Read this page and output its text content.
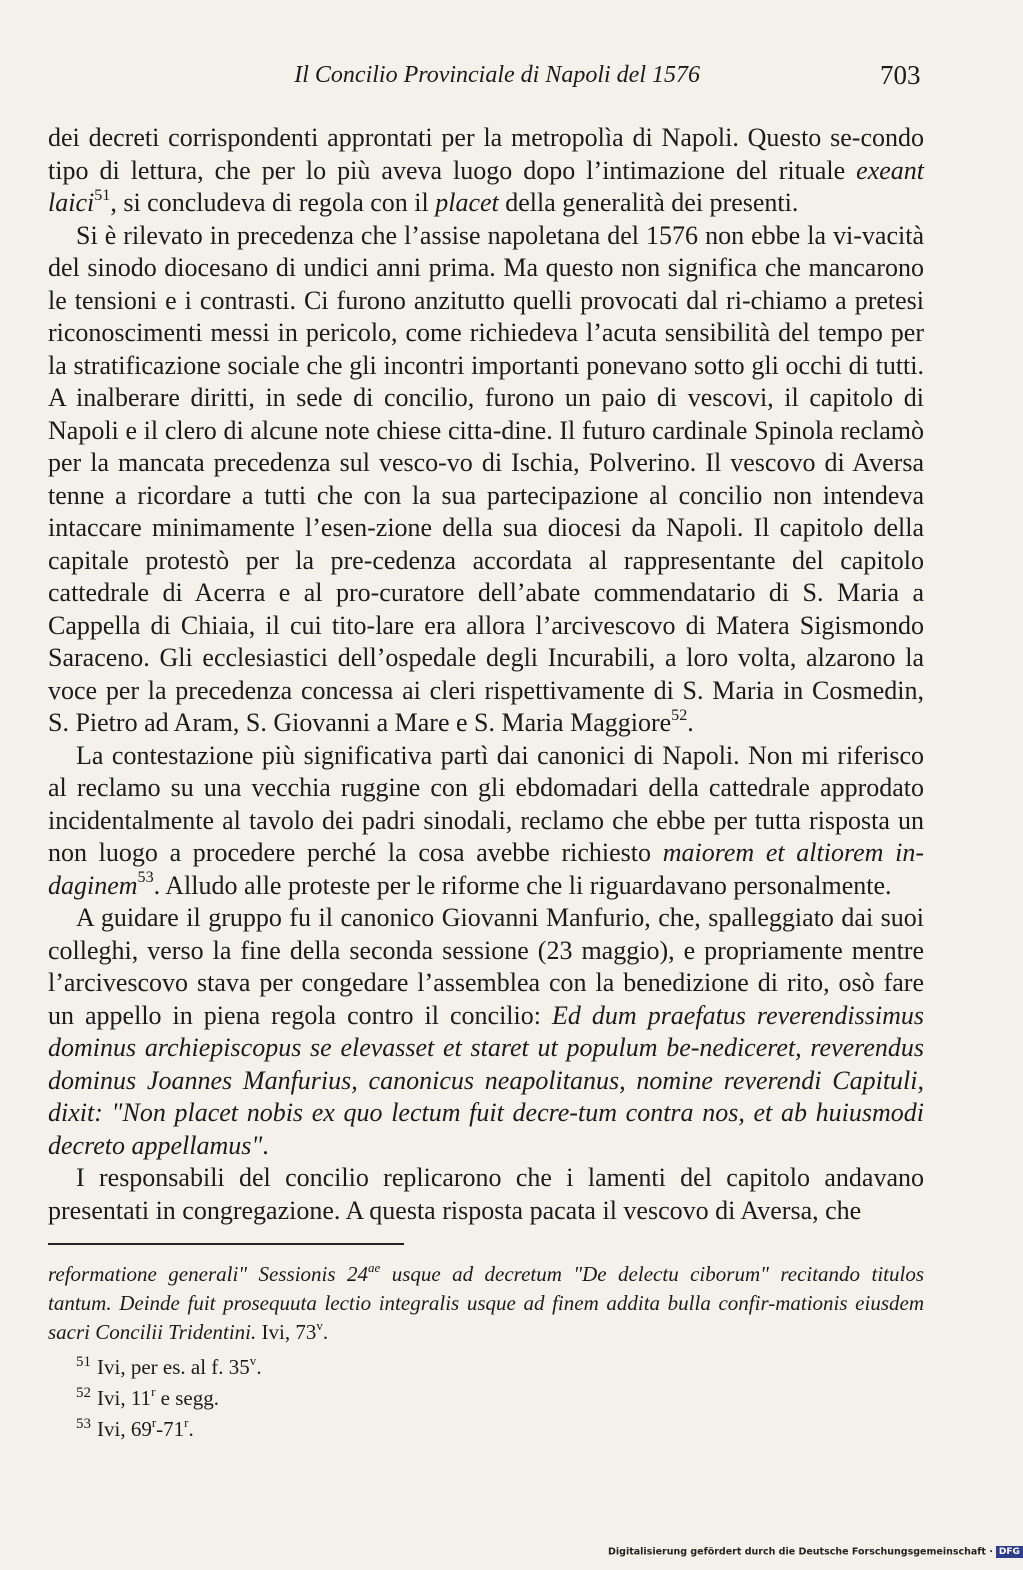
Il Concilio Provinciale di Napoli del 1576	703

dei decreti corrispondenti approntati per la metropolìa di Napoli. Questo se-condo tipo di lettura, che per lo più aveva luogo dopo l’intimazione del rituale exeant laici$^{51}$, si concludeva di regola con il placet della generalità dei presenti.

Si è rilevato in precedenza che l’assise napoletana del 1576 non ebbe la vi-vacità del sinodo diocesano di undici anni prima. Ma questo non significa che mancarono le tensioni e i contrasti. Ci furono anzitutto quelli provocati dal ri-chiamo a pretesi riconoscimenti messi in pericolo, come richiedeva l’acuta sensibilità del tempo per la stratificazione sociale che gli incontri importanti ponevano sotto gli occhi di tutti. A inalberare diritti, in sede di concilio, furono un paio di vescovi, il capitolo di Napoli e il clero di alcune note chiese citta-dine. Il futuro cardinale Spinola reclamò per la mancata precedenza sul vesco-vo di Ischia, Polverino. Il vescovo di Aversa tenne a ricordare a tutti che con la sua partecipazione al concilio non intendeva intaccare minimamente l’esen-zione della sua diocesi da Napoli. Il capitolo della capitale protestò per la pre-cedenza accordata al rappresentante del capitolo cattedrale di Acerra e al pro-curatore dell’abate commendatario di S. Maria a Cappella di Chiaia, il cui tito-lare era allora l’arcivescovo di Matera Sigismondo Saraceno. Gli ecclesiastici dell’ospedale degli Incurabili, a loro volta, alzarono la voce per la precedenza concessa ai cleri rispettivamente di S. Maria in Cosmedin, S. Pietro ad Aram, S. Giovanni a Mare e S. Maria Maggiore$^{52}$.

La contestazione più significativa partì dai canonici di Napoli. Non mi riferisco al reclamo su una vecchia ruggine con gli ebdomadari della cattedrale approdato incidentalmente al tavolo dei padri sinodali, reclamo che ebbe per tutta risposta un non luogo a procedere perché la cosa avebbe richiesto maiorem et altiorem in-daginem$^{53}$. Alludo alle proteste per le riforme che li riguardavano personalmente.

A guidare il gruppo fu il canonico Giovanni Manfurio, che, spalleggiato dai suoi colleghi, verso la fine della seconda sessione (23 maggio), e propriamente mentre l’arcivescovo stava per congedare l’assemblea con la benedizione di rito, osò fare un appello in piena regola contro il concilio: Ed dum praefatus reverendissimus dominus archiepiscopus se elevasset et staret ut populum be-nediceret, reverendus dominus Joannes Manfurius, canonicus neapolitanus, nomine reverendi Capituli, dixit: "Non placet nobis ex quo lectum fuit decre-tum contra nos, et ab huiusmodi decreto appellamus".

I responsabili del concilio replicarono che i lamenti del capitolo andavano presentati in congregazione. A questa risposta pacata il vescovo di Aversa, che

reformatione generali" Sessionis $24^{ae}$ usque ad decretum "De delectu ciborum" recitando titulos tantum. Deinde fuit prosequuta lectio integralis usque ad finem addita bulla confir-mationis eiusdem sacri Concilii Tridentini. Ivi, 73$^v$.
$^{51}$ Ivi, per es. al f. 35$^v$.
$^{52}$ Ivi, 11$^r$ e segg.
$^{53}$ Ivi, 69$^r$-71$^r$.
Digitalisierung gefördert durch die Deutsche Forschungsgemeinschaft · DFG
